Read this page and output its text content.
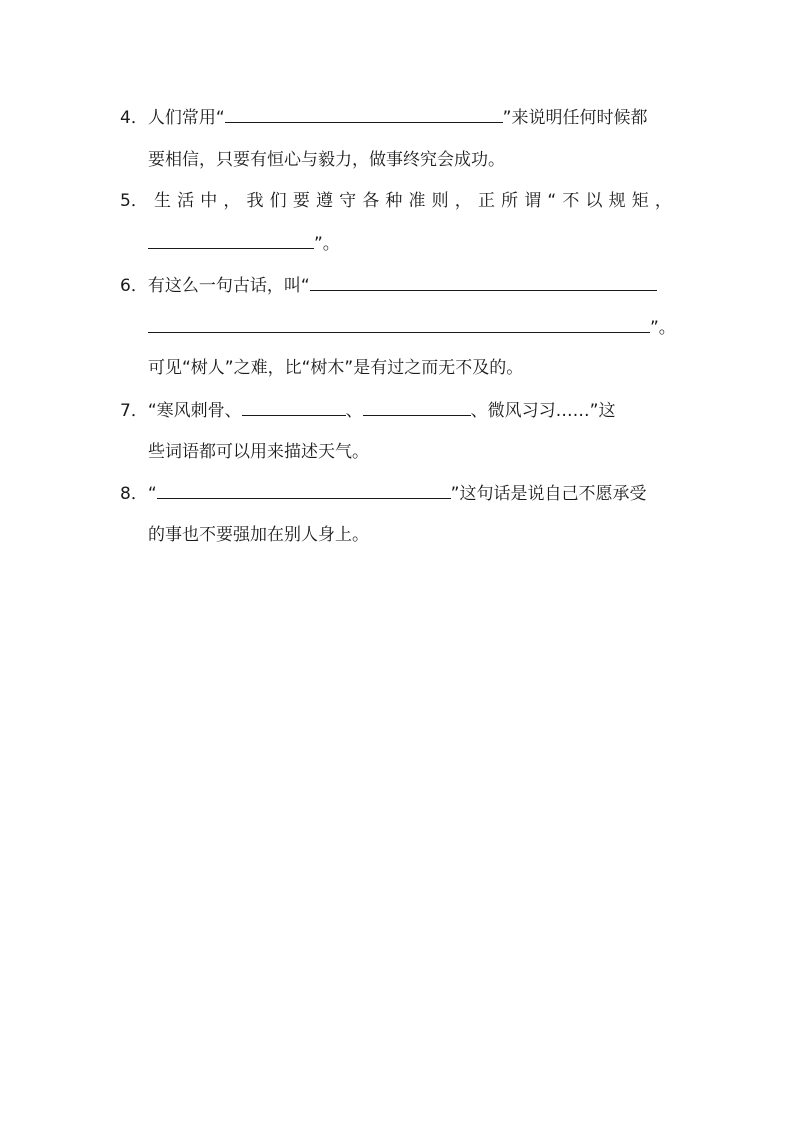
4．人们常用“	”来说明任何时候都
要相信，只要有恒心与毅力，做事终究会成功。
5． 生 活 中 ， 我 们 要 遵 守 各 种 准 则 ， 正 所 谓 “ 不 以 规 矩 ，
”。
6．有这么一句古话，叫“
”。
可见“树人”之难，比“树木”是有过之而无不及的。
7．“寒风刺骨、	、	、微风习习……”这
些词语都可以用来描述天气。
8．“	”这句话是说自己不愿承受
的事也不要强加在别人身上。
